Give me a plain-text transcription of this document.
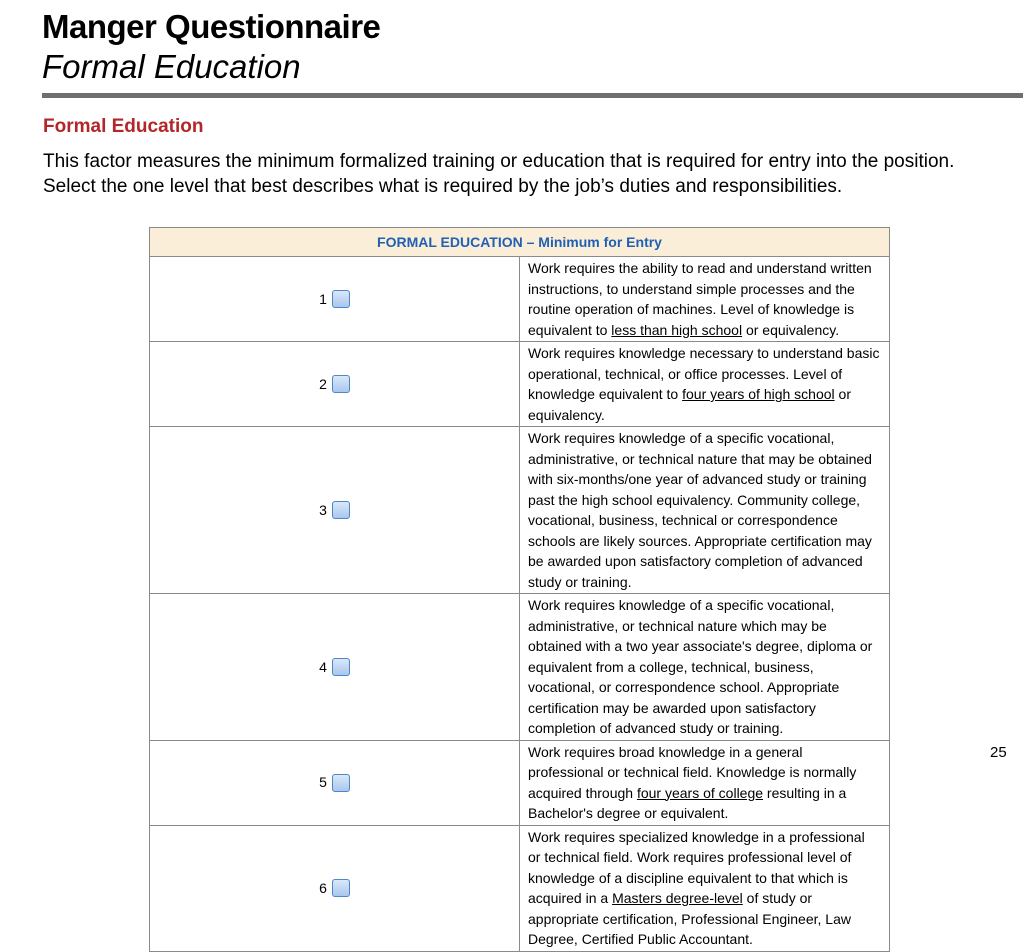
Manger Questionnaire
Formal Education
Formal Education
This factor measures the minimum formalized training or education that is required for entry into the position. Select the one level that best describes what is required by the job’s duties and responsibilities.
FORMAL EDUCATION – Minimum for Entry	

1	Work requires the ability to read and understand written instructions, to understand simple processes and the routine operation of machines. Level of knowledge is equivalent to less than high school or equivalency.

2	Work requires knowledge necessary to understand basic operational, technical, or office processes. Level of knowledge equivalent to four years of high school or equivalency.

3	Work requires knowledge of a specific vocational, administrative, or technical nature that may be obtained with six-months/one year of advanced study or training past the high school equivalency. Community college, vocational, business, technical or correspondence schools are likely sources. Appropriate certification may be awarded upon satisfactory completion of advanced study or training.

4	Work requires knowledge of a specific vocational, administrative, or technical nature which may be obtained with a two year associate's degree, diploma or equivalent from a college, technical, business, vocational, or correspondence school. Appropriate certification may be awarded upon satisfactory completion of advanced study or training.

5	Work requires broad knowledge in a general professional or technical field. Knowledge is normally acquired through four years of college resulting in a Bachelor's degree or equivalent.

6	Work requires specialized knowledge in a professional or technical field. Work requires professional level of knowledge of a discipline equivalent to that which is acquired in a Masters degree-level of study or appropriate certification, Professional Engineer, Law Degree, Certified Public Accountant.
25
